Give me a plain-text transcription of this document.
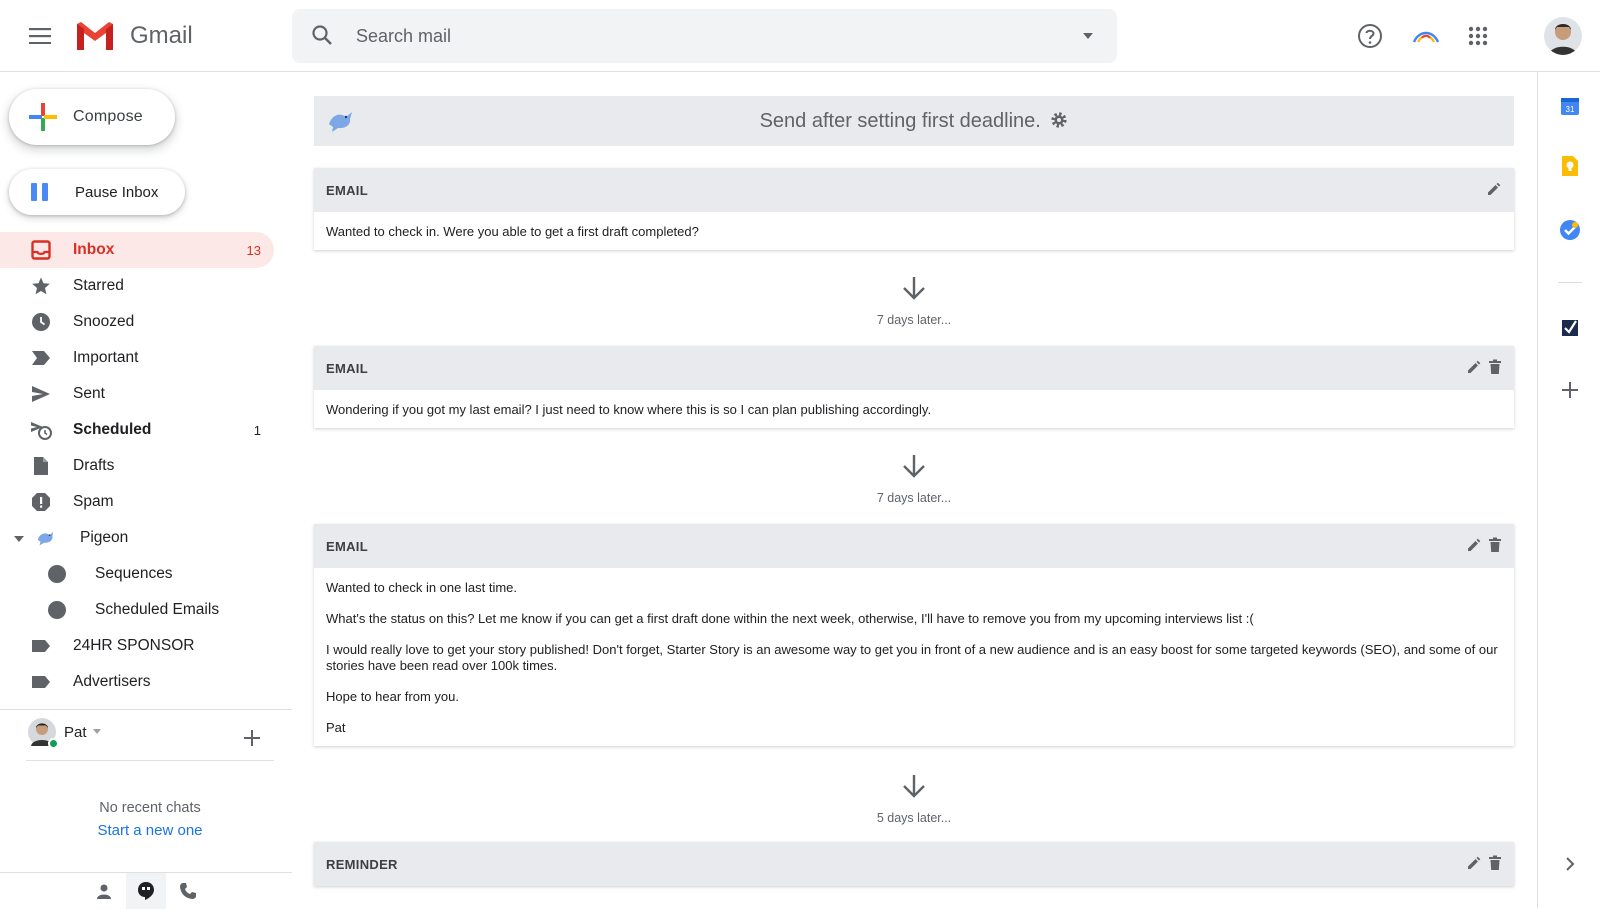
Gmail
Search mail
Compose
Pause Inbox
Inbox	13
Starred
Snoozed
Important
Sent
Scheduled	1
Drafts
Spam
Pigeon
Sequences
Scheduled Emails
24HR SPONSOR
Advertisers
Pat
No recent chats
Start a new one
Send after setting first deadline.
EMAIL

Wanted to check in. Were you able to get a first draft completed?

7 days later...
EMAIL

Wondering if you got my last email? I just need to know where this is so I can plan publishing accordingly.

7 days later...
EMAIL

Wanted to check in one last time.

What's the status on this? Let me know if you can get a first draft done within the next week, otherwise, I'll have to remove you from my upcoming interviews list :(

I would really love to get your story published! Don't forget, Starter Story is an awesome way to get you in front of a new audience and is an easy boost for some targeted keywords (SEO), and some of our stories have been read over 100k times.

Hope to hear from you.

Pat

5 days later...
REMINDER
31
